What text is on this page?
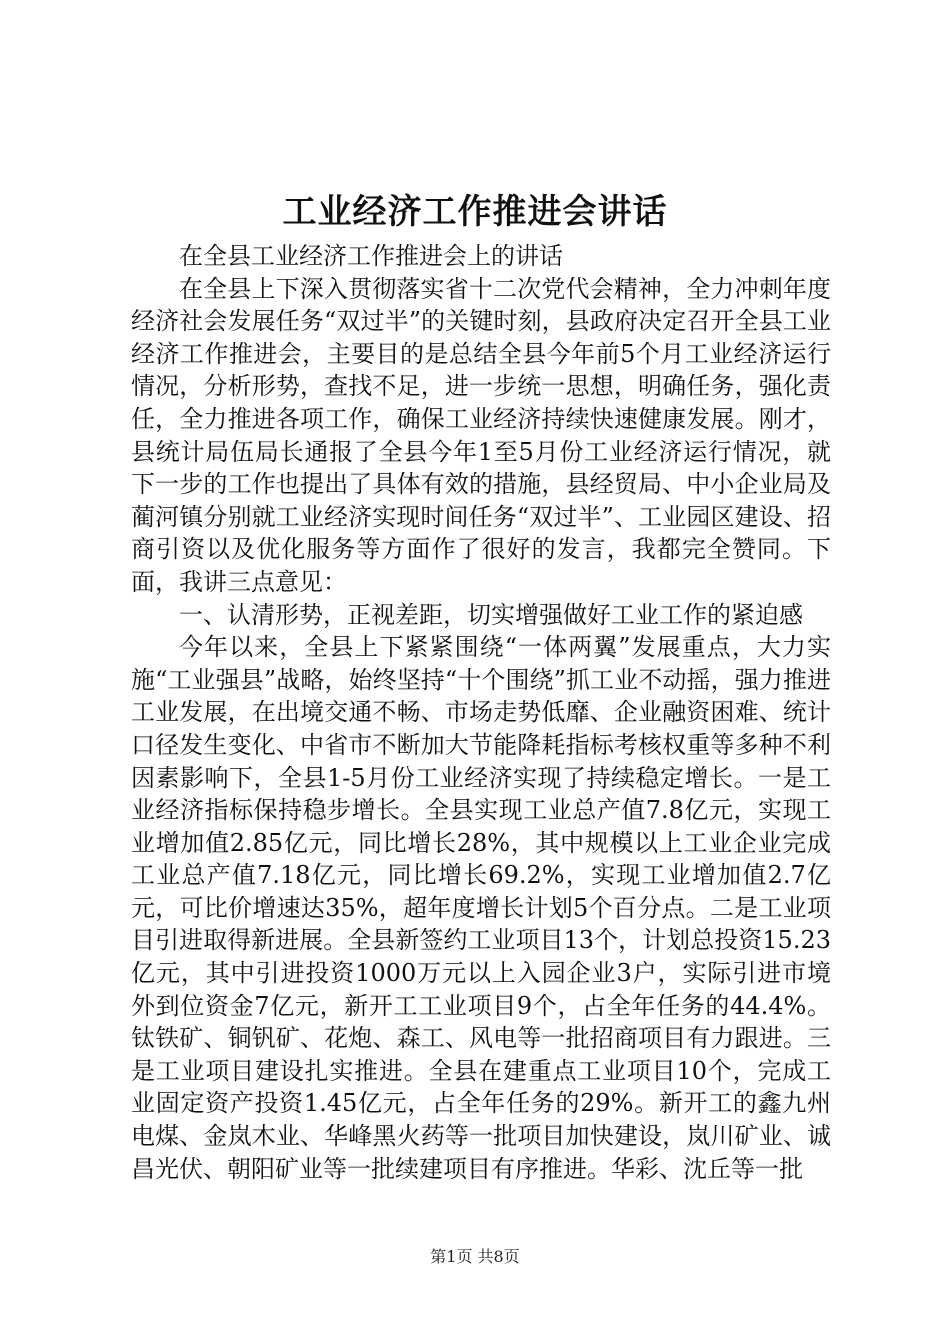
工业经济工作推进会讲话

在全县工业经济工作推进会上的讲话

在全县上下深入贯彻落实省十二次党代会精神，全力冲刺年度经济社会发展任务“双过半”的关键时刻，县政府决定召开全县工业经济工作推进会，主要目的是总结全县今年前5个月工业经济运行情况，分析形势，查找不足，进一步统一思想，明确任务，强化责任，全力推进各项工作，确保工业经济持续快速健康发展。刚才，县统计局伍局长通报了全县今年1至5月份工业经济运行情况，就下一步的工作也提出了具体有效的措施，县经贸局、中小企业局及蔺河镇分别就工业经济实现时间任务“双过半”、工业园区建设、招商引资以及优化服务等方面作了很好的发言，我都完全赞同。下面，我讲三点意见：

一、认清形势，正视差距，切实增强做好工业工作的紧迫感

今年以来，全县上下紧紧围绕“一体两翼”发展重点，大力实施“工业强县”战略，始终坚持“十个围绕”抓工业不动摇，强力推进工业发展，在出境交通不畅、市场走势低靡、企业融资困难、统计口径发生变化、中省市不断加大节能降耗指标考核权重等多种不利因素影响下，全县1-5月份工业经济实现了持续稳定增长。一是工业经济指标保持稳步增长。全县实现工业总产值7.8亿元，实现工业增加值2.85亿元，同比增长28%，其中规模以上工业企业完成工业总产值7.18亿元，同比增长69.2%，实现工业增加值2.7亿元，可比价增速达35%，超年度增长计划5个百分点。二是工业项目引进取得新进展。全县新签约工业项目13个，计划总投资15.23亿元，其中引进投资1000万元以上入园企业3户，实际引进市境外到位资金7亿元，新开工工业项目9个，占全年任务的44.4%。钛铁矿、铜钒矿、花炮、森工、风电等一批招商项目有力跟进。三是工业项目建设扎实推进。全县在建重点工业项目10个，完成工业固定资产投资1.45亿元，占全年任务的29%。新开工的鑫九州电煤、金岚木业、华峰黑火药等一批项目加快建设，岚川矿业、诚昌光伏、朝阳矿业等一批续建项目有序推进。华彩、沈丘等一批

第1页 共8页
